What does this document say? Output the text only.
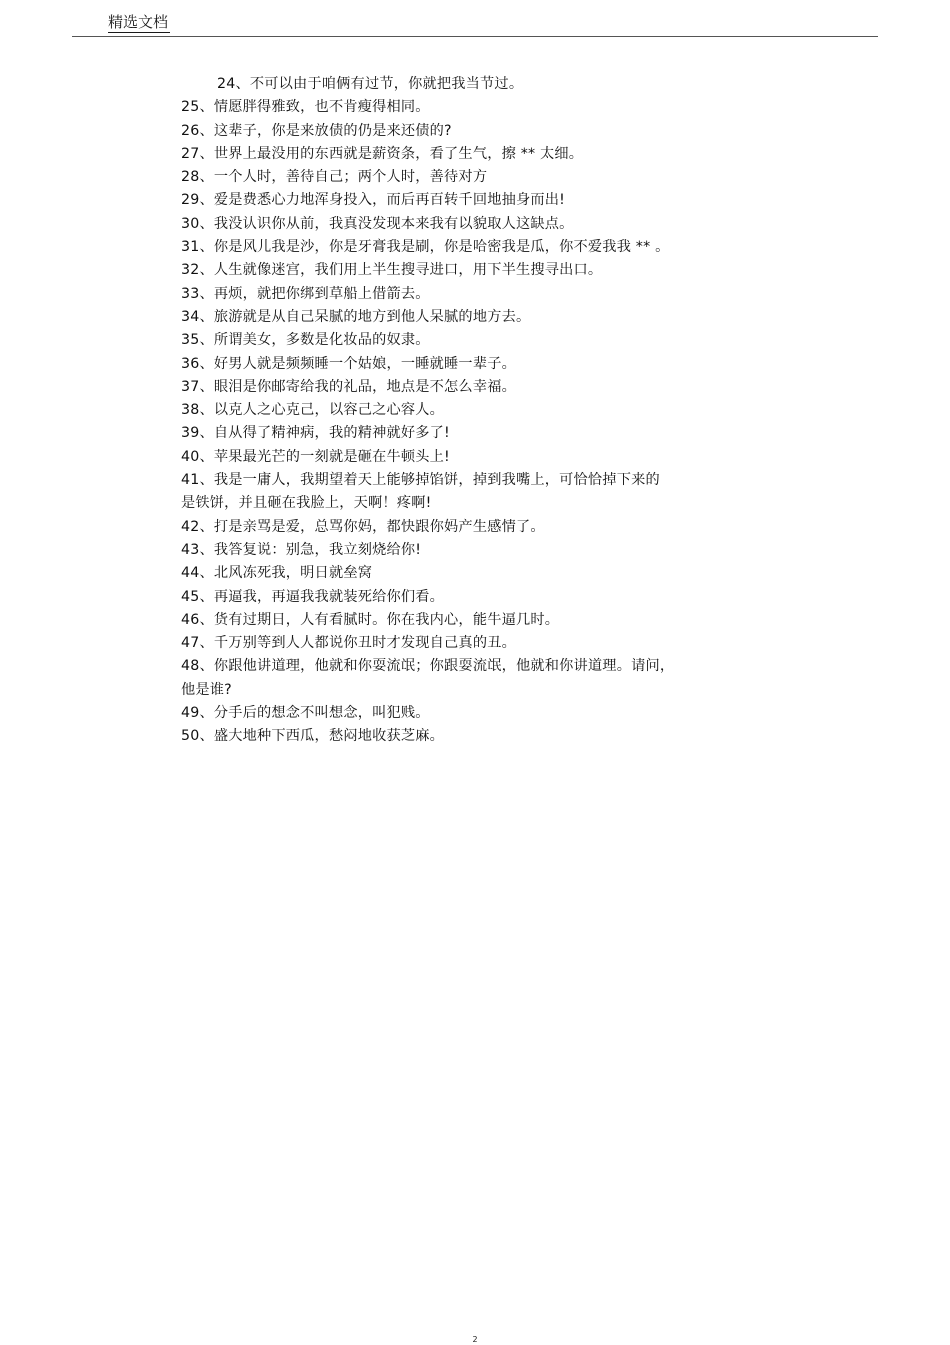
精选文档
24、不可以由于咱俩有过节，你就把我当节过。
25、情愿胖得雅致，也不肯瘦得相同。
26、这辈子，你是来放债的仍是来还债的?
27、世界上最没用的东西就是薪资条，看了生气，擦 ** 太细。
28、一个人时，善待自己；两个人时，善待对方
29、爱是费悉心力地浑身投入，而后再百转千回地抽身而出!
30、我没认识你从前，我真没发现本来我有以貌取人这缺点。
31、你是风儿我是沙，你是牙膏我是刷，你是哈密我是瓜，你不爱我我 ** 。
32、人生就像迷宫，我们用上半生搜寻进口，用下半生搜寻出口。
33、再烦，就把你绑到草船上借箭去。
34、旅游就是从自己呆腻的地方到他人呆腻的地方去。
35、所谓美女，多数是化妆品的奴隶。
36、好男人就是频频睡一个姑娘，一睡就睡一辈子。
37、眼泪是你邮寄给我的礼品，地点是不怎么幸福。
38、以克人之心克己，以容己之心容人。
39、自从得了精神病，我的精神就好多了!
40、苹果最光芒的一刻就是砸在牛顿头上!
41、我是一庸人，我期望着天上能够掉馅饼，掉到我嘴上，可恰恰掉下来的
是铁饼，并且砸在我脸上，天啊！疼啊!
42、打是亲骂是爱，总骂你妈，都快跟你妈产生感情了。
43、我答复说：别急，我立刻烧给你!
44、北风冻死我，明日就垒窝
45、再逼我，再逼我我就装死给你们看。
46、货有过期日，人有看腻时。你在我内心，能牛逼几时。
47、千万别等到人人都说你丑时才发现自己真的丑。
48、你跟他讲道理，他就和你耍流氓；你跟耍流氓，他就和你讲道理。请问，
他是谁?
49、分手后的想念不叫想念，叫犯贱。
50、盛大地种下西瓜，愁闷地收获芝麻。
2
